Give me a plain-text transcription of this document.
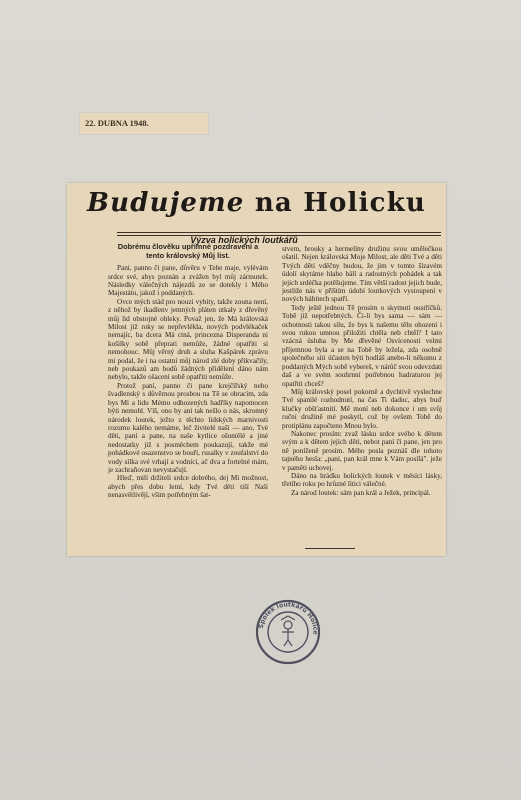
22. DUBNA 1948.
Budujeme na Holicku
Výzva holických loutkářů

Dobrému člověku upřímné pozdravení a tento královský Můj list.

Paní, panno či pane, důvěru v Tebe maje, vylévám srdce své, abys poznán a zvážen byl můj zármutek. Následky válečných nájezdů ze se dotekly i Mého Majestátu, jakož i poddaných.

Ovce mých stád pro nouzi vybity, takže zouna není, z něhož by ikadlenv jemných pláten utkaly z dřevěný můj lid obstojné obleky. Považ jen, že Má královská Milost již roky se nepřevlékla, nových podvlékaček nemajíc, ba dcera Má ctná, princezna Disperanda ni košilky sobě přeprati nemůže, žádné opatřiti si nemohouc. Můj věrný druh a sluha Kašpárek zprávu mi podal, že i na ostatní můj národ zlé doby přikvačily, neb poukazů am bodů žádných přidělení dáno nám nebylo, takže ošacení sobě opatřiti nemůže.

Protož paní, panno či pane krejčířský nebo švadlenský s důvěrnou prosbou na Tě se obracím, zda bys Mi a lidu Mému odhozených hadříky napomocen býti nemohl. Víš, ono by ani tak nešlo o nás, skromný národek loutek, ježto z těchto lidských marnivostí rozumu kalého nemáme, leč živitelé naši — ano, Tvé děti, paní a pane, na naše kytlice ošuntělé a jiné nedostatky již s posměchem poukazují, takže mé pohádkové osazenstvo se bouří, rusalky v zoufalství do vody sílka své vrhají a vodníci, ač dva a fortelné mám, je zachraňovan nevystačují.

Hleď, milí držiteli srdce dobrého, dej Mi možnost, abych přes dobu letní, kdy Tvé děti tiší Naši nenasvětlivějí, všim potřebným šat-

stvem, brouky a hermelíny družinu svou umělečkou ošatil. Nejen královská Moje Milost, ale děti Tvé a děti Tvých děti vděčny budou, že jim v tomto šízavém údolí skytáme hlaho bálí a radostných pohádek a tak jejich srdéčka potěšujeme. Tím větší radost jejich bude, jestliže nás v příštím údobí loutkových vystoupení v nových hábitech spatří.

Tedy ještě jednou Tě prosím o skytnutí oustříčků. Tobě již nepotřebných. Či-li bys sama — sám — ochotnosti takou sílu, že bys k našemu tělu ohození i svou rukou umnou přiložiti chtěla neb chtěl? I tato vzácná úsluha by Me dřevěné Osvícenosti velmi příjemnou byla a se na Tobě by ležela, zda osobně společného síti účasten býti hodláš anebo-li někomu z poddaných Mých sobě vybereš, v nárůč svou odevzdati daš a ve svém souhrnní potřebnou hadraturou jej opatřiti chceš?

Můj královský posel pokorně a dychtivě vyslechne Tvé spanilé rozhodnutí, na čas Ti daduc, abys buď klučky obšťastnití. Mě moní neb dokonce i um svůj ruční družině mé poskytl, což by ovšem Tobě do protiplánu započteno Mnou bylo.

Nakonec prosím: zvaž lásku srdce svého k dětem svým a k dětem jejich děti, nebot paní či pane, jen pro ně poníženě prosím. Mého posla poznáš dle tohoto tajného hesla: „paní, pan král mne k Vám posílá". ježe v paměti uchovej.

Dáno na hrádku holických loutek v měsíci lásky, třetího roku po hrůzné lítici válečné.

Za národ loutek: sám pan král a Ježek, principál.

Spolek loutkářů Holice
